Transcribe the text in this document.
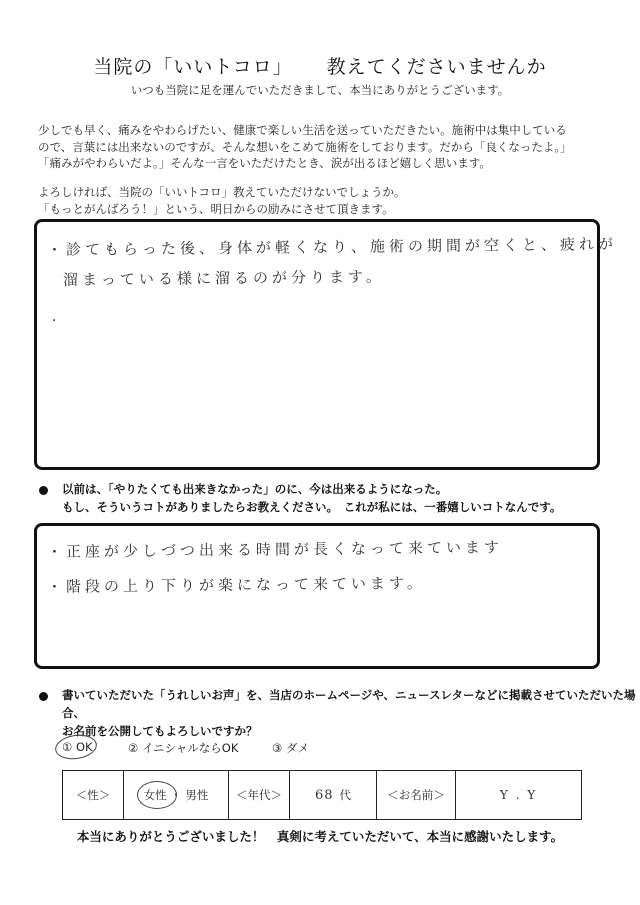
当院の「いいトコロ」 教えてくださいませんか
いつも当院に足を運んでいただきまして、本当にありがとうございます。

少しでも早く、痛みをやわらげたい、健康で楽しい生活を送っていただきたい。施術中は集中している

ので、言葉には出来ないのですが、そんな想いをこめて施術をしております。だから「良くなったよ。」

「痛みがやわらいだよ。」そんな一言をいただけたとき、涙が出るほど嬉しく思います。

よろしければ、当院の「いいトコロ」教えていただけないでしょうか。

「もっとがんばろう！」という、明日からの励みにさせて頂きます。

・診てもらった後、身体が軽くなり、施術の期間が空くと、疲れが
溜まっている様に溜るのが分ります。
・

以前は、「やりたくても出来きなかった」のに、今は出来るようになった。

もし、そういうコトがありましたらお教えください。　これが私には、一番嬉しいコトなんです。

・正座が少しづつ出来る時間が長くなって来ています
・階段の上り下りが楽になって来ています。

書いていただいた「うれしいお声」を、当店のホームページや、ニュースレターなどに掲載させていただいた場合、

お名前を公開してもよろしいですか？

① OK	② イニシャルならOK	③ ダメ
＜性＞	女性 ・ 男性	＜年代＞	68 代	＜お名前＞	Y . Y
本当にありがとうございました！　真剣に考えていただいて、本当に感謝いたします。
